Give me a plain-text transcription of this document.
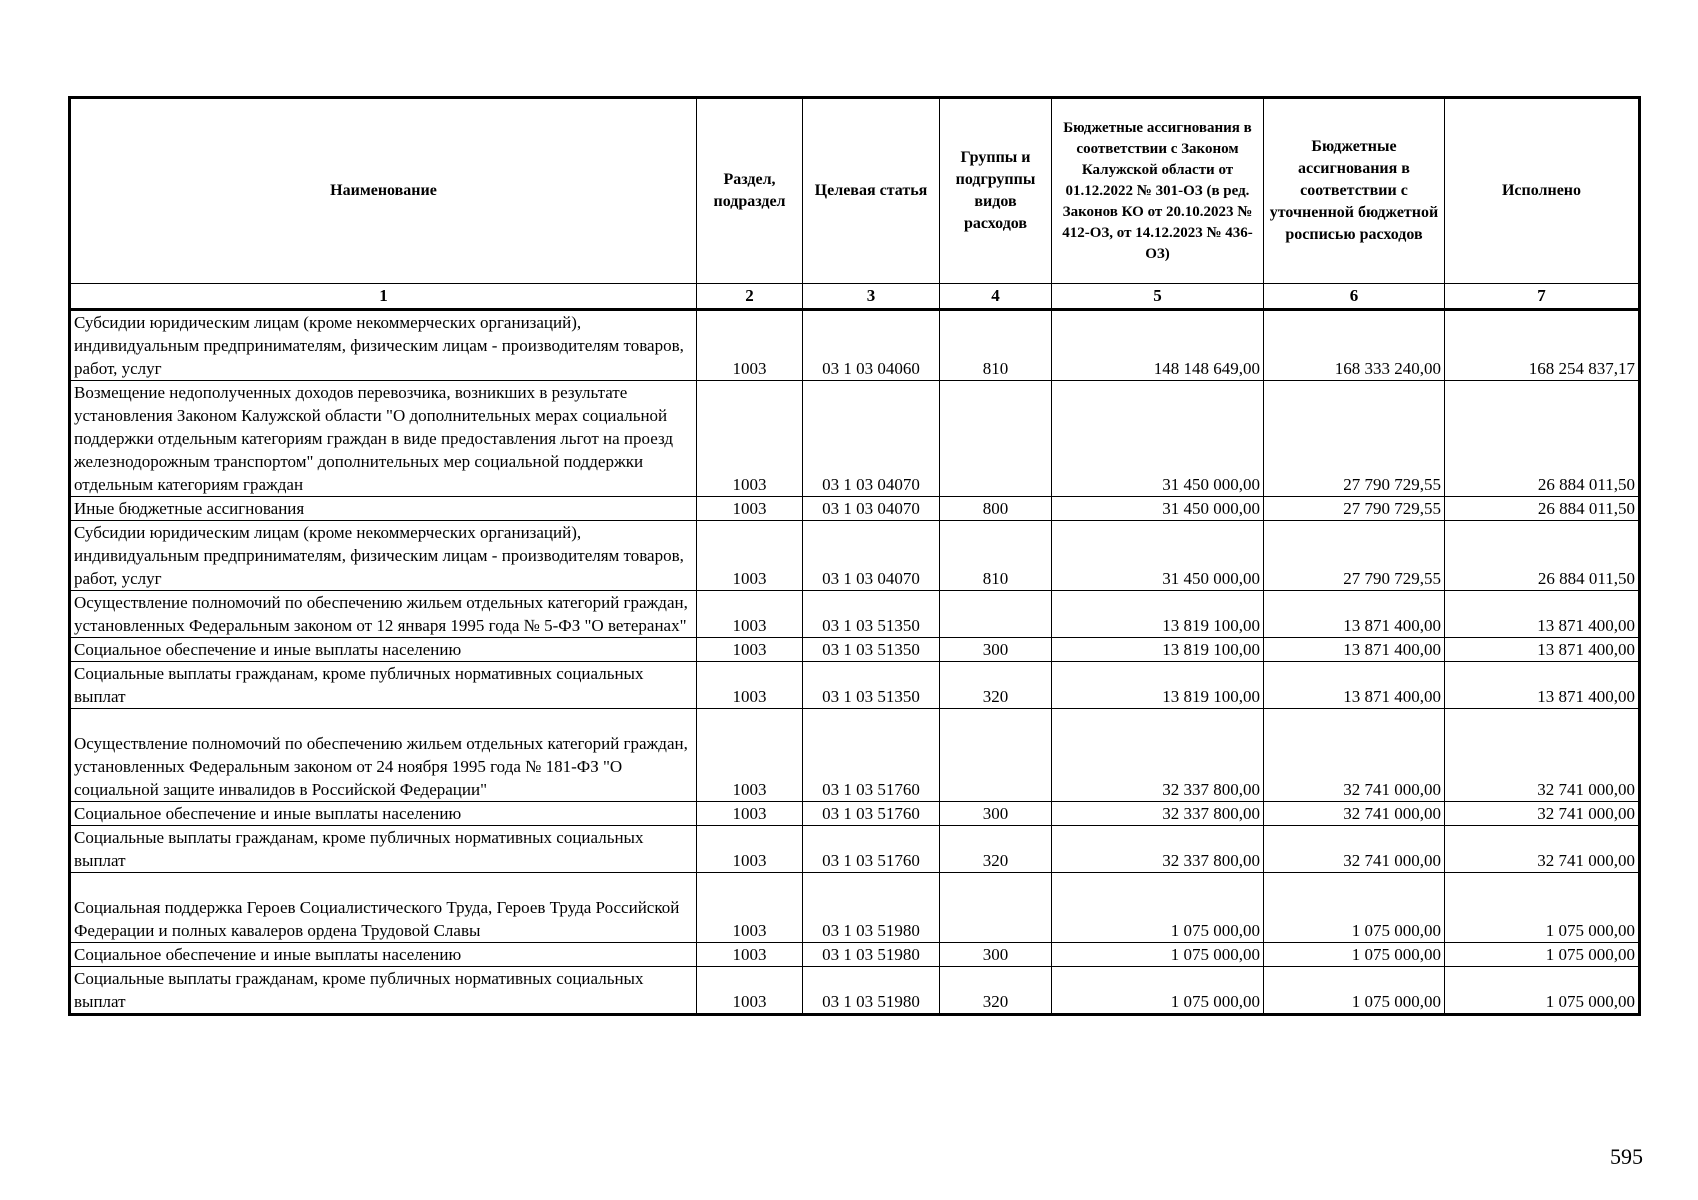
Наименование	Раздел, подраздел	Целевая статья	Группы и подгруппы видов расходов	Бюджетные ассигнования в соответствии с Законом Калужской области от 01.12.2022 № 301-ОЗ (в ред. Законов КО от 20.10.2023 № 412-ОЗ, от 14.12.2023 № 436-ОЗ)	Бюджетные ассигнования в соответствии с уточненной бюджетной росписью расходов	Исполнено
1	2	3	4	5	6	7
Субсидии юридическим лицам (кроме некоммерческих организаций), индивидуальным предпринимателям, физическим лицам - производителям товаров, работ, услуг	1003	03 1 03 04060	810	148 148 649,00	168 333 240,00	168 254 837,17
Возмещение недополученных доходов перевозчика, возникших в результате установления Законом Калужской области "О дополнительных мерах социальной поддержки отдельным категориям граждан в виде предоставления льгот на проезд железнодорожным транспортом" дополнительных мер социальной поддержки отдельным категориям граждан	1003	03 1 03 04070		31 450 000,00	27 790 729,55	26 884 011,50
Иные бюджетные ассигнования	1003	03 1 03 04070	800	31 450 000,00	27 790 729,55	26 884 011,50
Субсидии юридическим лицам (кроме некоммерческих организаций), индивидуальным предпринимателям, физическим лицам - производителям товаров, работ, услуг	1003	03 1 03 04070	810	31 450 000,00	27 790 729,55	26 884 011,50
Осуществление полномочий по обеспечению жильем отдельных категорий граждан, установленных Федеральным законом от 12 января 1995 года № 5-ФЗ "О ветеранах"	1003	03 1 03 51350		13 819 100,00	13 871 400,00	13 871 400,00
Социальное обеспечение и иные выплаты населению	1003	03 1 03 51350	300	13 819 100,00	13 871 400,00	13 871 400,00
Социальные выплаты гражданам, кроме публичных нормативных социальных выплат	1003	03 1 03 51350	320	13 819 100,00	13 871 400,00	13 871 400,00
Осуществление полномочий по обеспечению жильем отдельных категорий граждан, установленных Федеральным законом от 24 ноября 1995 года № 181-ФЗ "О социальной защите инвалидов в Российской Федерации"	1003	03 1 03 51760		32 337 800,00	32 741 000,00	32 741 000,00
Социальное обеспечение и иные выплаты населению	1003	03 1 03 51760	300	32 337 800,00	32 741 000,00	32 741 000,00
Социальные выплаты гражданам, кроме публичных нормативных социальных выплат	1003	03 1 03 51760	320	32 337 800,00	32 741 000,00	32 741 000,00
Социальная поддержка Героев Социалистического Труда, Героев Труда Российской Федерации и полных кавалеров ордена Трудовой Славы	1003	03 1 03 51980		1 075 000,00	1 075 000,00	1 075 000,00
Социальное обеспечение и иные выплаты населению	1003	03 1 03 51980	300	1 075 000,00	1 075 000,00	1 075 000,00
Социальные выплаты гражданам, кроме публичных нормативных социальных выплат	1003	03 1 03 51980	320	1 075 000,00	1 075 000,00	1 075 000,00
595
